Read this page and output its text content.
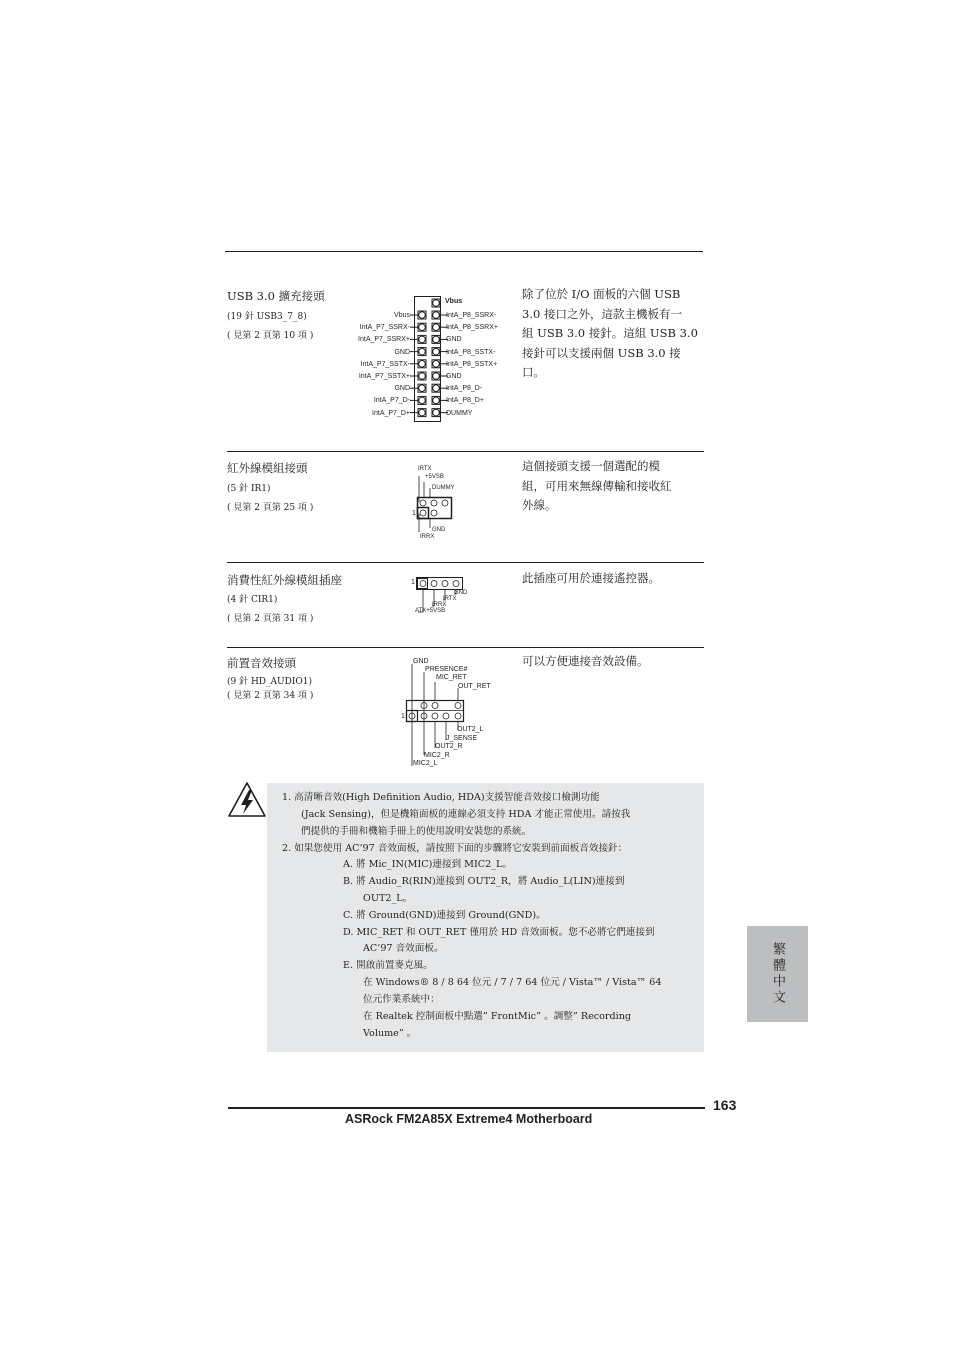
USB 3.0 擴充接頭
(19 針 USB3_7_8)
( 見第 2 頁第 10 項 )
除了位於 I/O 面板的六個 USB
3.0 接口之外，這款主機板有一
組 USB 3.0 接針。這組 USB 3.0
接針可以支援兩個 USB 3.0 接
口。
Vbus
Vbus
IntA_P7_SSRX-
IntA_P7_SSRX+
GND
IntA_P7_SSTX-
IntA_P7_SSTX+
GND
IntA_P7_D-
IntA_P7_D+
IntA_P8_SSRX-
IntA_P8_SSRX+
GND
IntA_P8_SSTX-
IntA_P8_SSTX+
GND
IntA_P8_D-
IntA_P8_D+
DUMMY
紅外線模組接頭
(5 針 IR1)
( 見第 2 頁第 25 項 )
這個接頭支援一個選配的模
組，可用來無線傳輸和接收紅
外線。
IRTX
+5VSB
DUMMY
1
GND
IRRX
消費性紅外線模組插座
(4 針 CIR1)
( 見第 2 頁第 31 項 )
此插座可用於連接遙控器。
1
GND
IRTX
IRRX
ATX+5VSB
前置音效接頭
(9 針 HD_AUDIO1)
( 見第 2 頁第 34 項 )
可以方便連接音效設備。
GND
PRESENCE#
MIC_RET
OUT_RET
1
OUT2_L
J_SENSE
OUT2_R
MIC2_R
MIC2_L
1. 高清晰音效(High Definition Audio, HDA)支援智能音效接口檢測功能
(Jack Sensing)，但是機箱面板的連線必須支持 HDA 才能正常使用。請按我
們提供的手冊和機箱手冊上的使用說明安裝您的系統。
2. 如果您使用 AC’97 音效面板，請按照下面的步驟將它安裝到前面板音效接針：
A. 將 Mic_IN(MIC)連接到 MIC2_L。
B. 將 Audio_R(RIN)連接到 OUT2_R，將 Audio_L(LIN)連接到
OUT2_L。
C. 將 Ground(GND)連接到 Ground(GND)。
D. MIC_RET 和 OUT_RET 僅用於 HD 音效面板。您不必將它們連接到
AC’97 音效面板。
E. 開啟前置麥克風。
在 Windows® 8 / 8 64 位元 / 7 / 7 64 位元 / Vista™ / Vista™ 64
位元作業系統中：
在 Realtek 控制面板中點選” FrontMic” 。調整” Recording
Volume” 。
繁體中文
163
ASRock FM2A85X Extreme4 Motherboard
